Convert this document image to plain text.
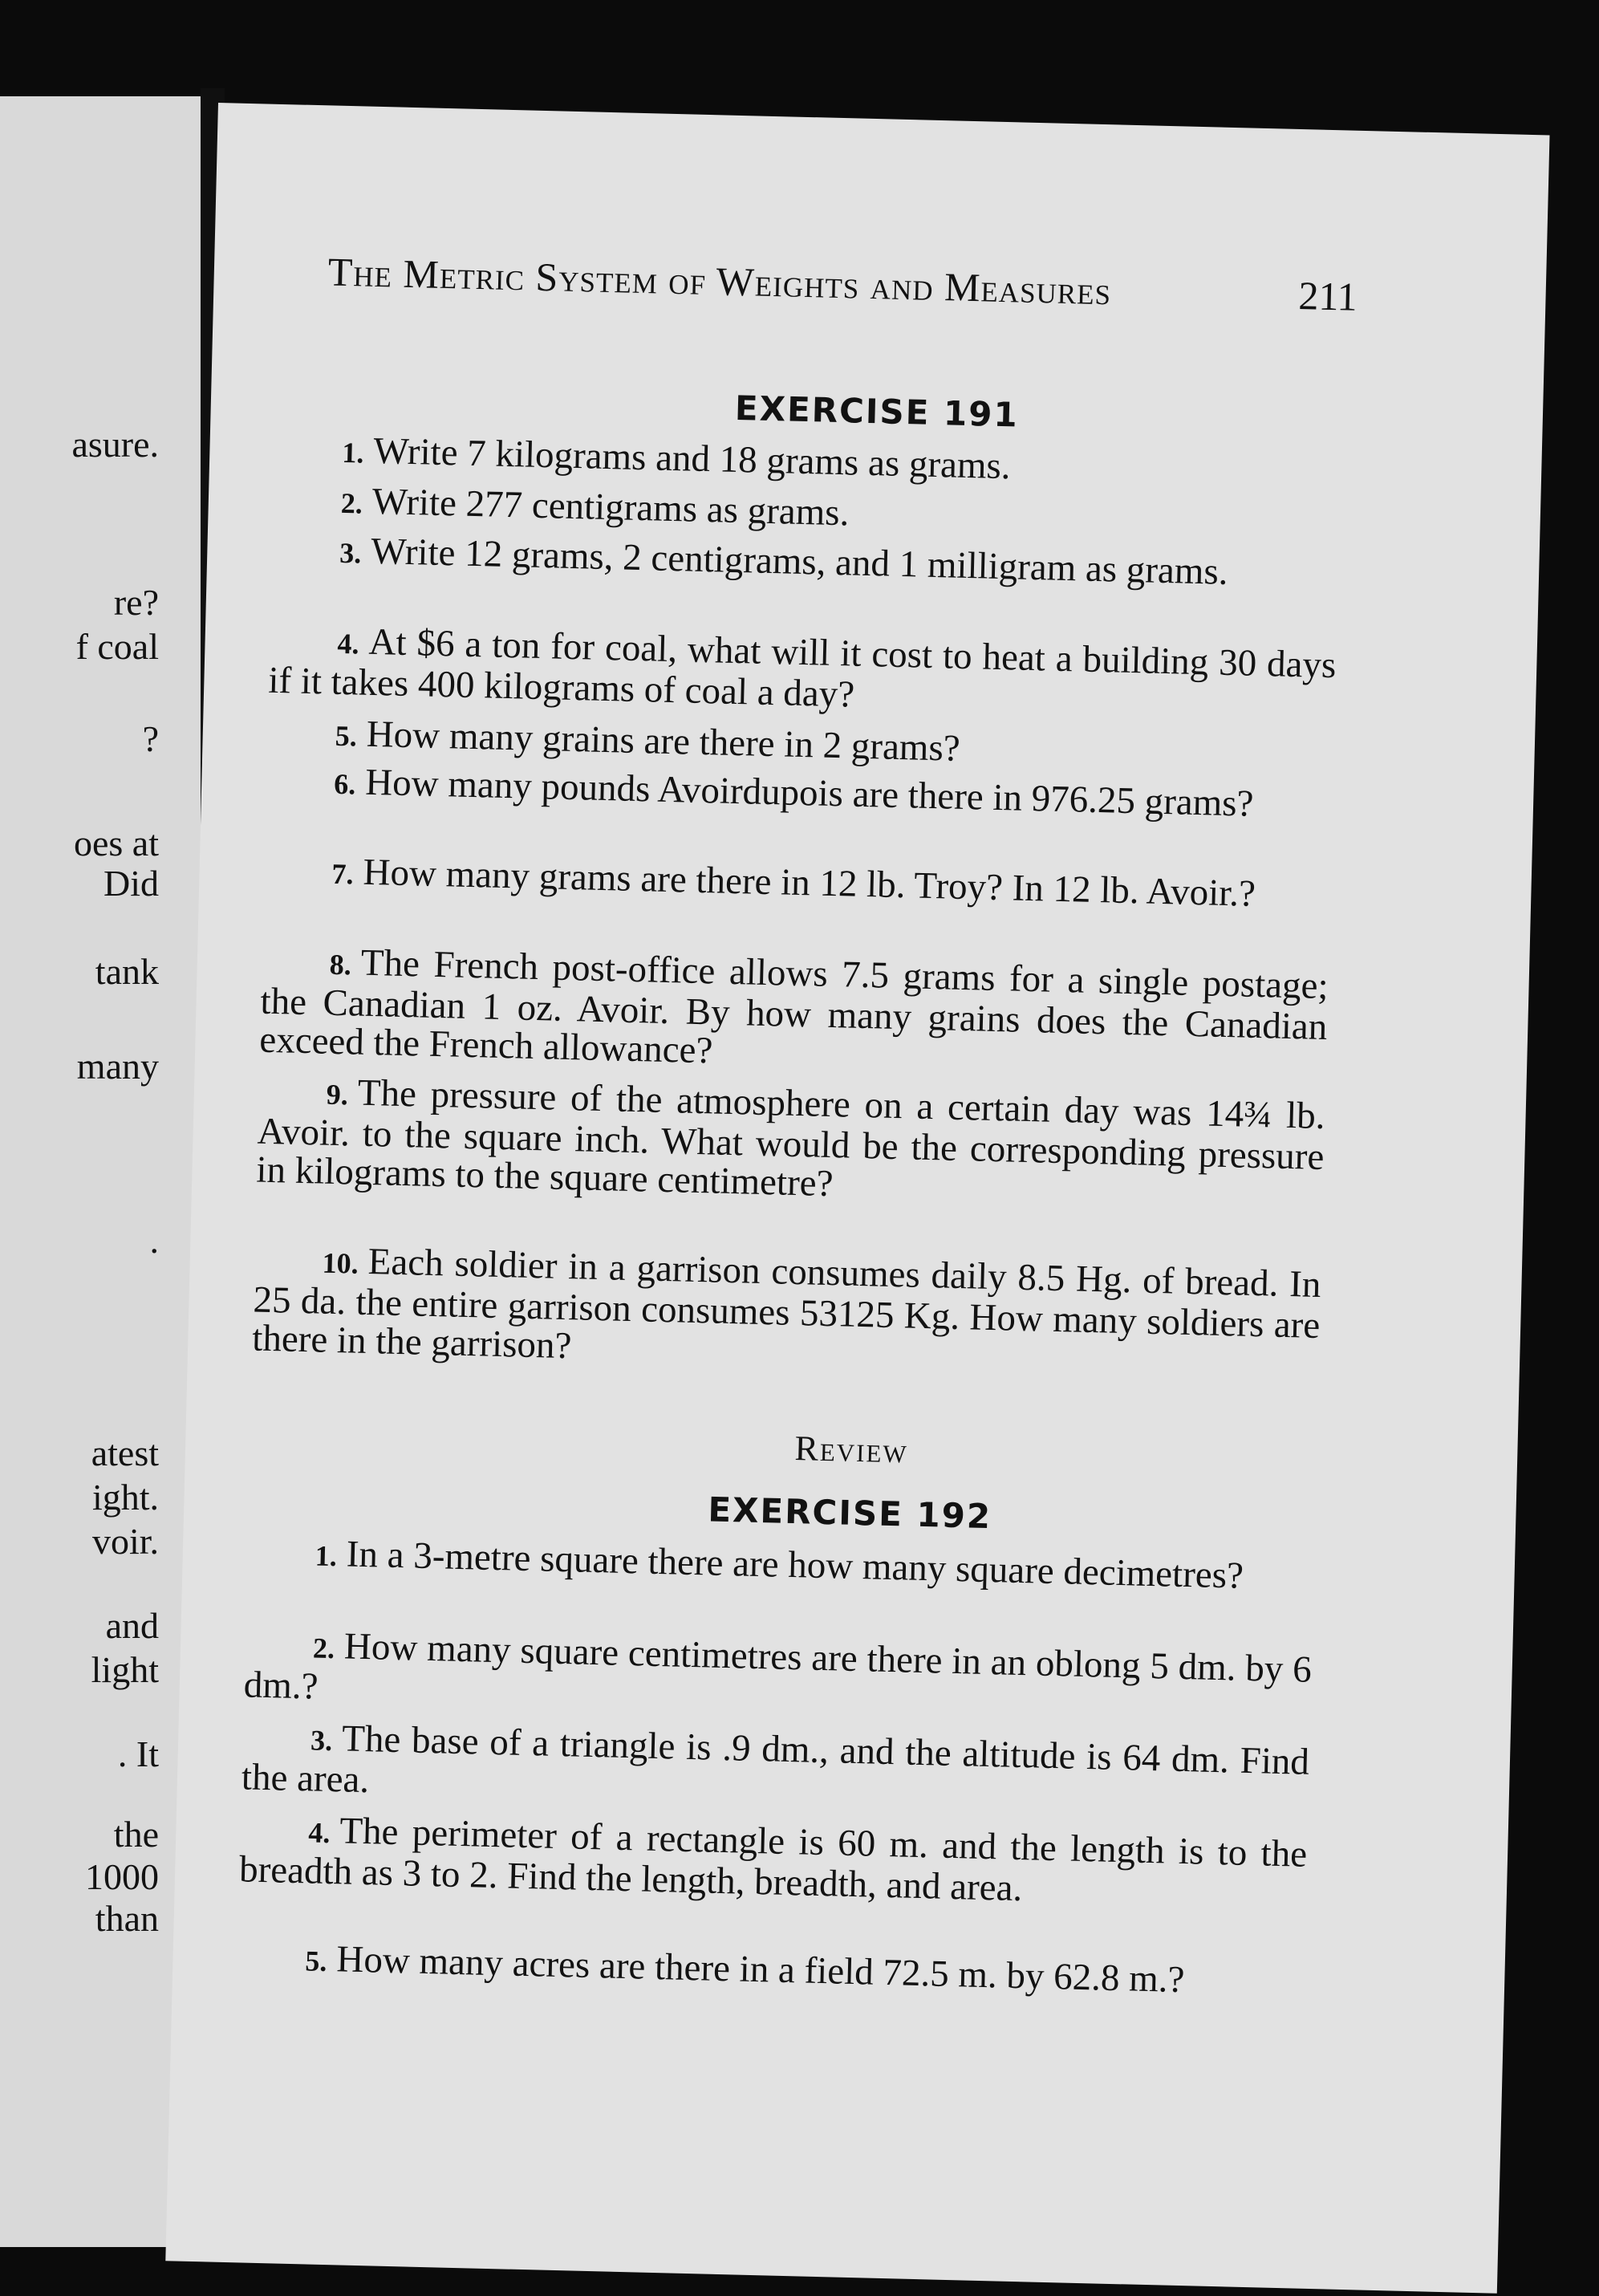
asure.
re?
f coal
?
oes at
Did
tank
many
.
atest
ight.
voir.
and
light
. It
the
1000
than
The Metric System of Weights and Measures	211
EXERCISE 191
1. Write 7 kilograms and 18 grams as grams.
2. Write 277 centigrams as grams.
3. Write 12 grams, 2 centigrams, and 1 milligram as grams.
4. At $6 a ton for coal, what will it cost to heat a building 30 days if it takes 400 kilograms of coal a day?
5. How many grains are there in 2 grams?
6. How many pounds Avoirdupois are there in 976.25 grams?
7. How many grams are there in 12 lb. Troy? In 12 lb. Avoir.?
8. The French post-office allows 7.5 grams for a single postage; the Canadian 1 oz. Avoir. By how many grains does the Canadian exceed the French allowance?
9. The pressure of the atmosphere on a certain day was 14¾ lb. Avoir. to the square inch. What would be the corresponding pressure in kilograms to the square centimetre?
10. Each soldier in a garrison consumes daily 8.5 Hg. of bread. In 25 da. the entire garrison consumes 53125 Kg. How many soldiers are there in the garrison?
Review
EXERCISE 192
1. In a 3-metre square there are how many square decimetres?
2. How many square centimetres are there in an oblong 5 dm. by 6 dm.?
3. The base of a triangle is .9 dm., and the altitude is 64 dm. Find the area.
4. The perimeter of a rectangle is 60 m. and the length is to the breadth as 3 to 2. Find the length, breadth, and area.
5. How many acres are there in a field 72.5 m. by 62.8 m.?
